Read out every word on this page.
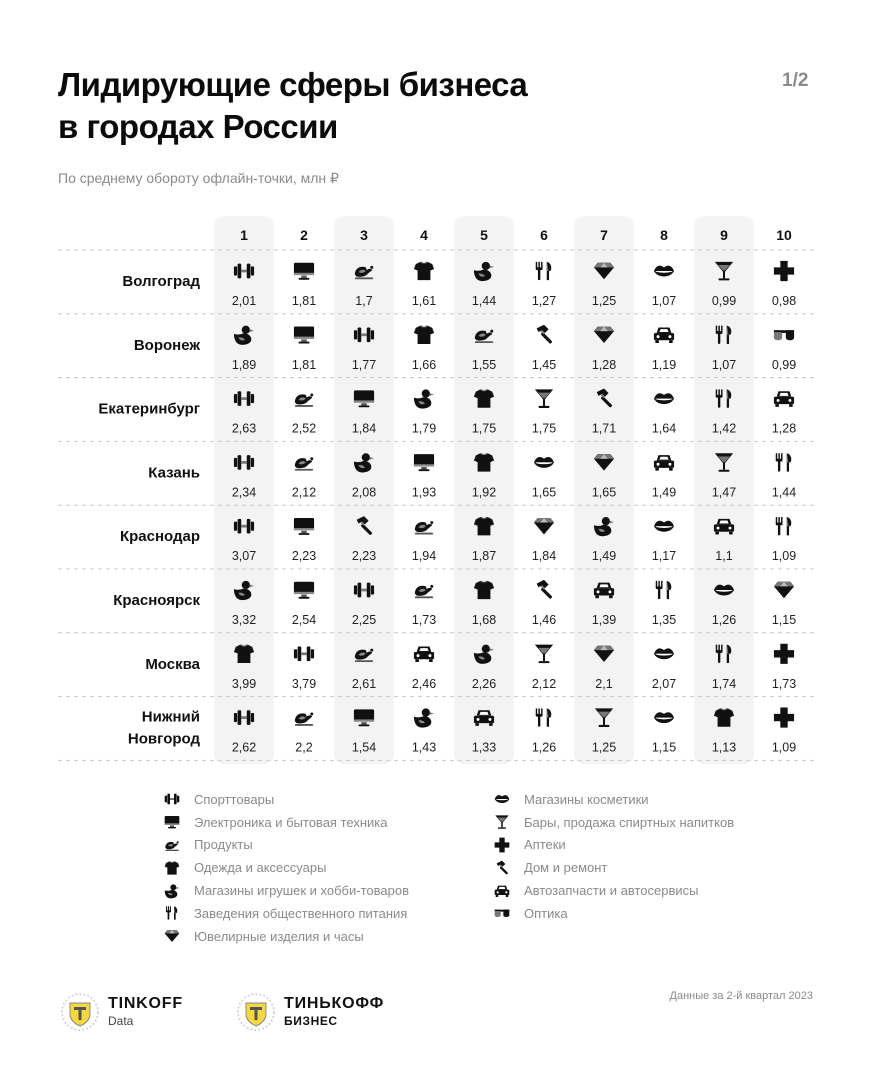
Лидирующие сферы бизнеса
в городах России
1/2
По среднему обороту офлайн-точки, млн ₽
1	2	3	4	5	6	7	8	9	10
Волгоград
2,01	1,81	1,7	1,61	1,44	1,27	1,25	1,07	0,99	0,98
Воронеж
1,89	1,81	1,77	1,66	1,55	1,45	1,28	1,19	1,07	0,99
Екатеринбург
2,63	2,52	1,84	1,79	1,75	1,75	1,71	1,64	1,42	1,28
Казань
2,34	2,12	2,08	1,93	1,92	1,65	1,65	1,49	1,47	1,44
Краснодар
3,07	2,23	2,23	1,94	1,87	1,84	1,49	1,17	1,1	1,09
Красноярск
3,32	2,54	2,25	1,73	1,68	1,46	1,39	1,35	1,26	1,15
Москва
3,99	3,79	2,61	2,46	2,26	2,12	2,1	2,07	1,74	1,73
Нижний Новгород	2,62	2,2	1,54	1,43	1,33	1,26	1,25	1,15	1,13	1,09
Спорттовары
Электроника и бытовая техника
Продукты
Одежда и аксессуары
Магазины игрушек и хобби-товаров
Заведения общественного питания
Ювелирные изделия и часы
Магазины косметики
Бары, продажа спиртных напитков
Аптеки
Дом и ремонт
Автозапчасти и автосервисы
Оптика
TINKOFF
Data
ТИНЬКОФФ
БИЗНЕС
Данные за 2-й квартал 2023
